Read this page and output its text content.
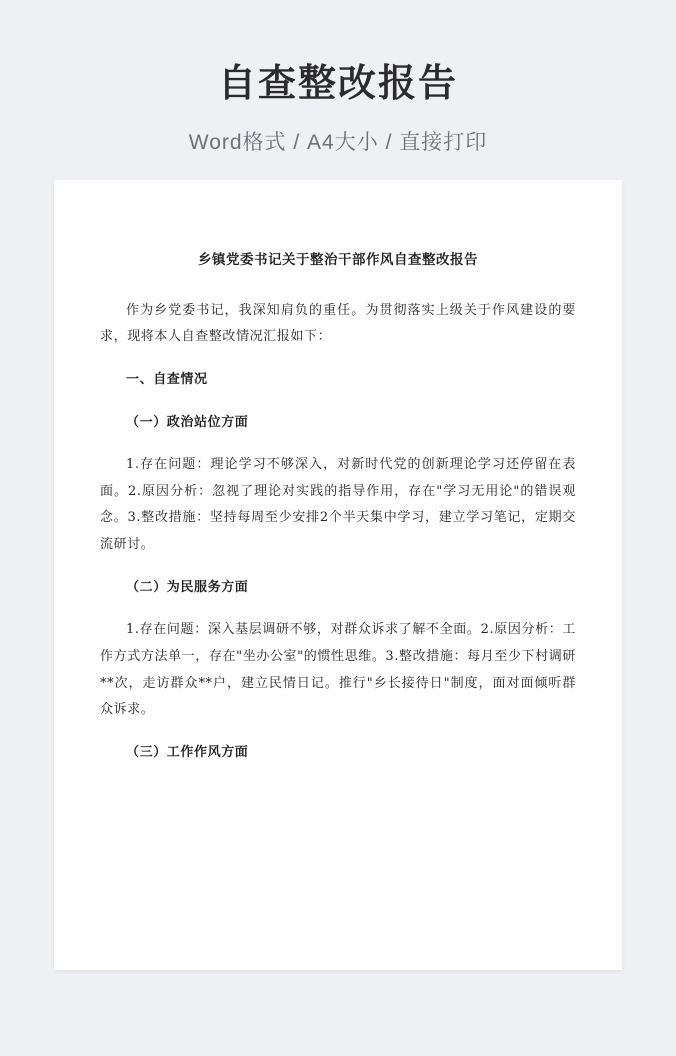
自查整改报告
Word格式 / A4大小 / 直接打印
乡镇党委书记关于整治干部作风自查整改报告
作为乡党委书记，我深知肩负的重任。为贯彻落实上级关于作风建设的要求，现将本人自查整改情况汇报如下：
一、自查情况
（一）政治站位方面
1.存在问题：理论学习不够深入，对新时代党的创新理论学习还停留在表面。2.原因分析：忽视了理论对实践的指导作用，存在"学习无用论"的错误观念。3.整改措施：坚持每周至少安排2个半天集中学习，建立学习笔记，定期交流研讨。
（二）为民服务方面
1.存在问题：深入基层调研不够，对群众诉求了解不全面。2.原因分析：工作方式方法单一，存在"坐办公室"的惯性思维。3.整改措施：每月至少下村调研**次，走访群众**户，建立民情日记。推行"乡长接待日"制度，面对面倾听群众诉求。
（三）工作作风方面
